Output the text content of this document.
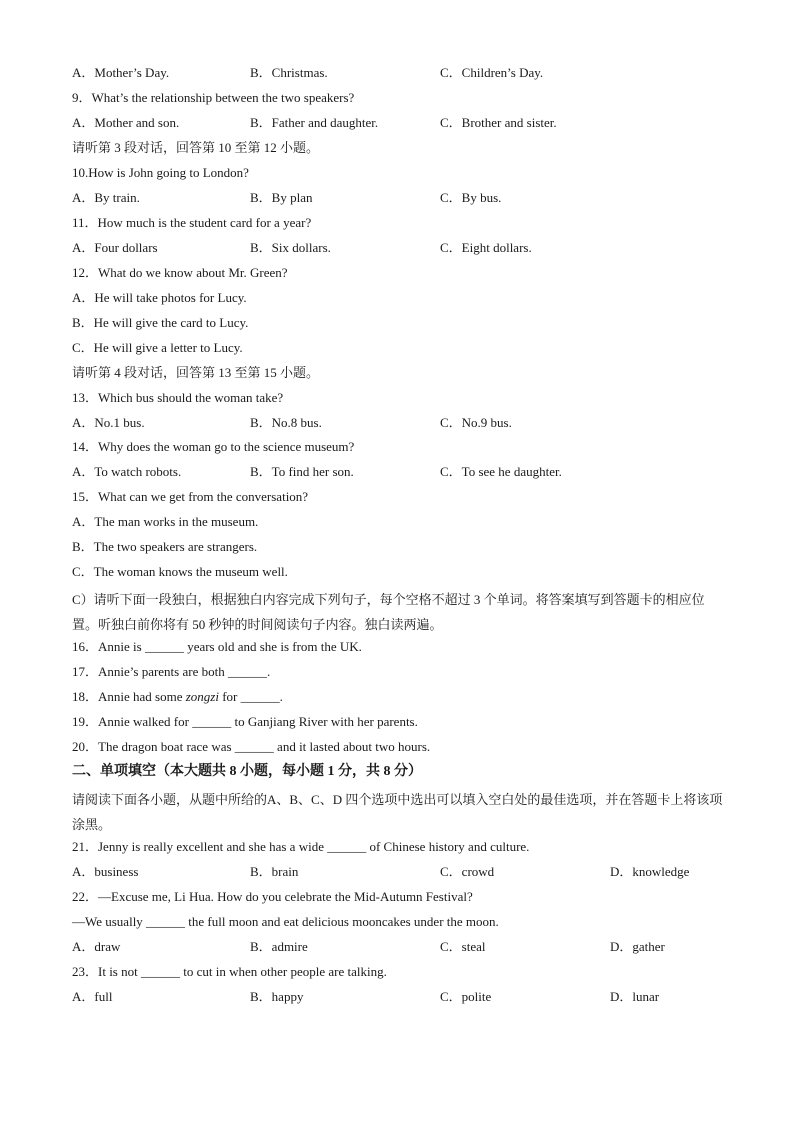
A．Mother’s Day.	B．Christmas.	C．Children’s Day.
9．What’s the relationship between the two speakers?
A．Mother and son.	B．Father and daughter.	C．Brother and sister.
请听第 3 段对话，回答第 10 至第 12 小题。
10.How is John going to London?
A．By train.	B．By plan	C．By bus.
11．How much is the student card for a year?
A．Four dollars	B．Six dollars.	C．Eight dollars.
12．What do we know about Mr. Green?
A．He will take photos for Lucy.
B．He will give the card to Lucy.
C．He will give a letter to Lucy.
请听第 4 段对话，回答第 13 至第 15 小题。
13．Which bus should the woman take?
A．No.1 bus.	B．No.8 bus.	C．No.9 bus.
14．Why does the woman go to the science museum?
A．To watch robots.	B．To find her son.	C．To see he daughter.
15．What can we get from the conversation?
A．The man works in the museum.
B．The two speakers are strangers.
C．The woman knows the museum well.
C）请听下面一段独白，根据独白内容完成下列句子，每个空格不超过 3 个单词。将答案填写到答题卡的相应位置。听独白前你将有 50 秒钟的时间阅读句子内容。独白读两遍。
16．Annie is ______ years old and she is from the UK.
17．Annie’s parents are both ______.
18．Annie had some zongzi for ______.
19．Annie walked for ______ to Ganjiang River with her parents.
20．The dragon boat race was ______ and it lasted about two hours.
二、单项填空（本大题共 8 小题，每小题 1 分，共 8 分）
请阅读下面各小题，从题中所给的A、B、C、D 四个选项中选出可以填入空白处的最佳选项，并在答题卡上将该项涂黑。
21．Jenny is really excellent and she has a wide ______ of Chinese history and culture.
A．business	B．brain	C．crowd	D．knowledge
22．—Excuse me, Li Hua. How do you celebrate the Mid-Autumn Festival?
—We usually ______ the full moon and eat delicious mooncakes under the moon.
A．draw	B．admire	C．steal	D．gather
23．It is not ______ to cut in when other people are talking.
A．full	B．happy	C．polite	D．lunar
